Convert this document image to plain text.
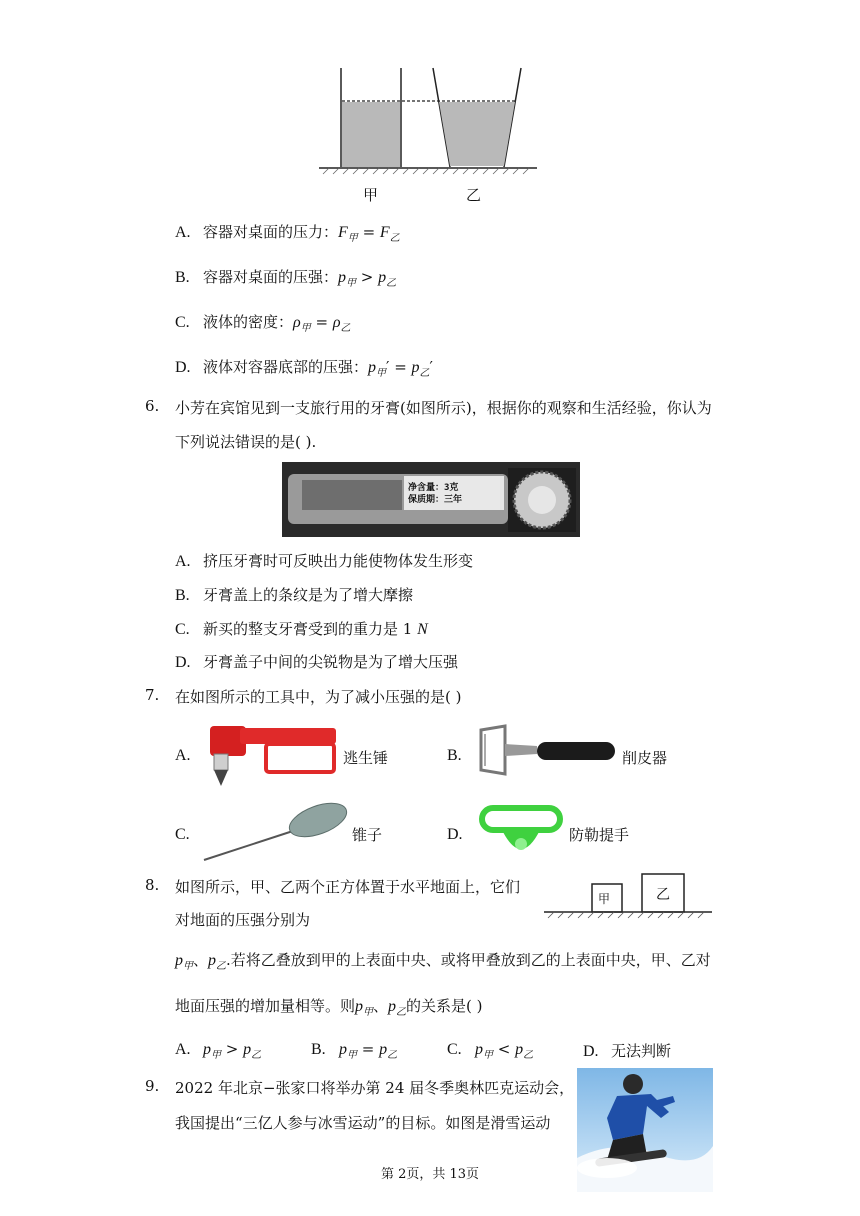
甲	乙
A. 容器对桌面的压力：$F_甲 = F_乙$
B. 容器对桌面的压强：$p_甲 > p_乙$
C. 液体的密度：$\rho_甲 = \rho_乙$
D. 液体对容器底部的压强：$p_甲' = p_乙'$
6. 小芳在宾馆见到一支旅行用的牙膏(如图所示)，根据你的观察和生活经验，你认为
下列说法错误的是( ).
净含量：3克
保质期：三年
A. 挤压牙膏时可反映出力能使物体发生形变
B. 牙膏盖上的条纹是为了增大摩擦
C. 新买的整支牙膏受到的重力是 1 N
D. 牙膏盖子中间的尖锐物是为了增大压强
7. 在如图所示的工具中，为了减小压强的是( )
A.	逃生锤	B.	削皮器
C.	锥子	D.	防勒提手
8. 如图所示，甲、乙两个正方体置于水平地面上，它们
对地面的压强分别为
甲	乙
$p_甲$、$p_乙$.若将乙叠放到甲的上表面中央、或将甲叠放到乙的上表面中央，甲、乙对
地面压强的增加量相等。则$p_甲$、$p_乙$的关系是( )
A. $p_甲 > p_乙$	B. $p_甲 = p_乙$	C. $p_甲 < p_乙$	D. 无法判断
9. 2022 年北京−张家口将举办第 24 届冬季奥林匹克运动会，
我国提出“三亿人参与冰雪运动”的目标。如图是滑雪运动
第 2页，共 13页
